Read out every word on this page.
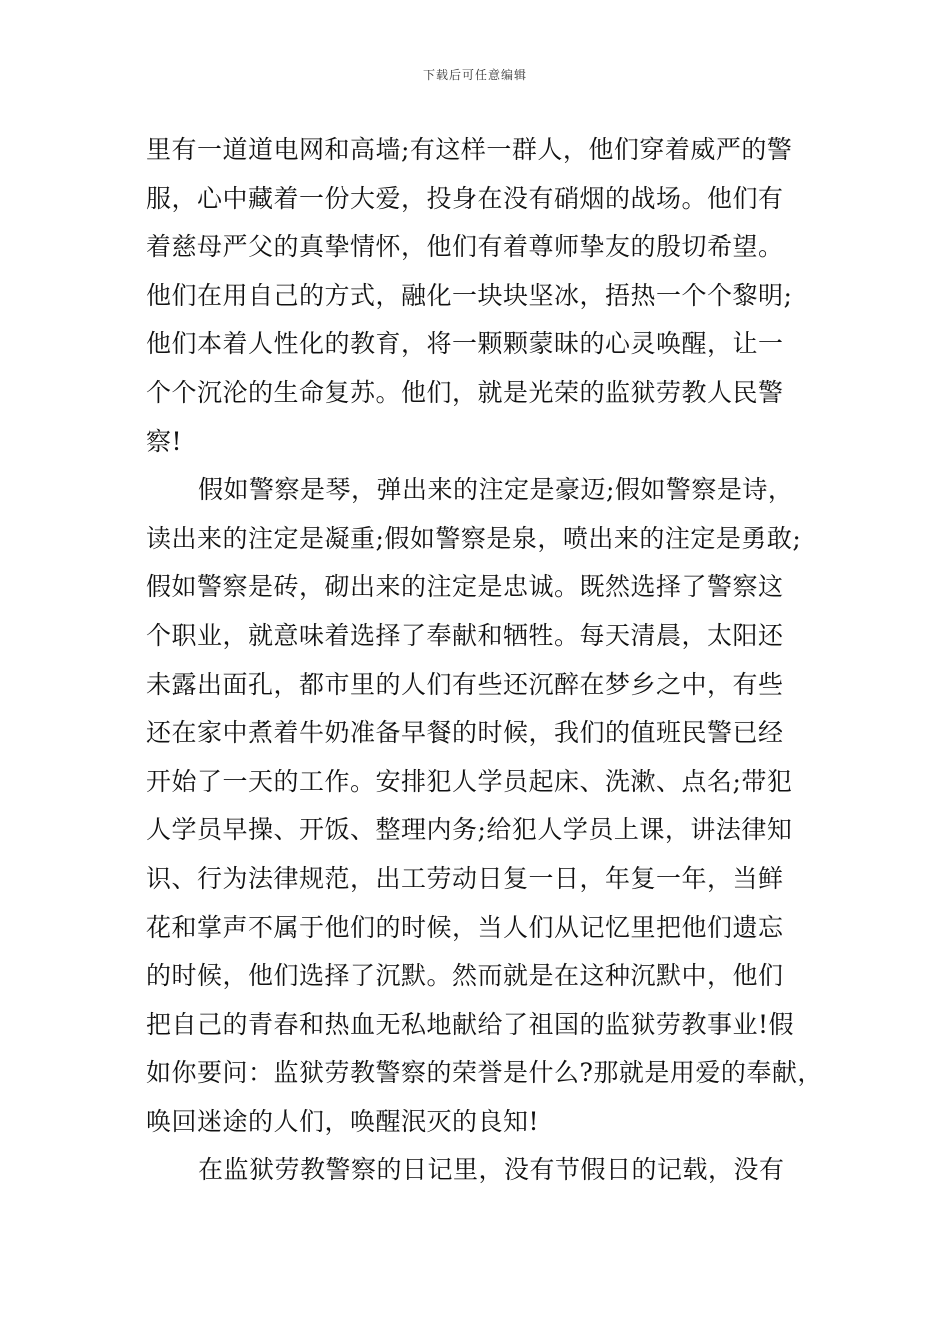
下载后可任意编辑
里有一道道电网和高墙;有这样一群人，他们穿着威严的警
服，心中藏着一份大爱，投身在没有硝烟的战场。他们有
着慈母严父的真挚情怀，他们有着尊师挚友的殷切希望。
他们在用自己的方式，融化一块块坚冰，捂热一个个黎明;
他们本着人性化的教育，将一颗颗蒙昧的心灵唤醒，让一
个个沉沦的生命复苏。他们，就是光荣的监狱劳教人民警
察!
假如警察是琴，弹出来的注定是豪迈;假如警察是诗，
读出来的注定是凝重;假如警察是泉，喷出来的注定是勇敢;
假如警察是砖，砌出来的注定是忠诚。既然选择了警察这
个职业，就意味着选择了奉献和牺牲。每天清晨，太阳还
未露出面孔，都市里的人们有些还沉醉在梦乡之中，有些
还在家中煮着牛奶准备早餐的时候，我们的值班民警已经
开始了一天的工作。安排犯人学员起床、洗漱、点名;带犯
人学员早操、开饭、整理内务;给犯人学员上课，讲法律知
识、行为法律规范，出工劳动日复一日，年复一年，当鲜
花和掌声不属于他们的时候，当人们从记忆里把他们遗忘
的时候，他们选择了沉默。然而就是在这种沉默中，他们
把自己的青春和热血无私地献给了祖国的监狱劳教事业!假
如你要问：监狱劳教警察的荣誉是什么?那就是用爱的奉献，
唤回迷途的人们，唤醒泯灭的良知!
在监狱劳教警察的日记里，没有节假日的记载，没有
